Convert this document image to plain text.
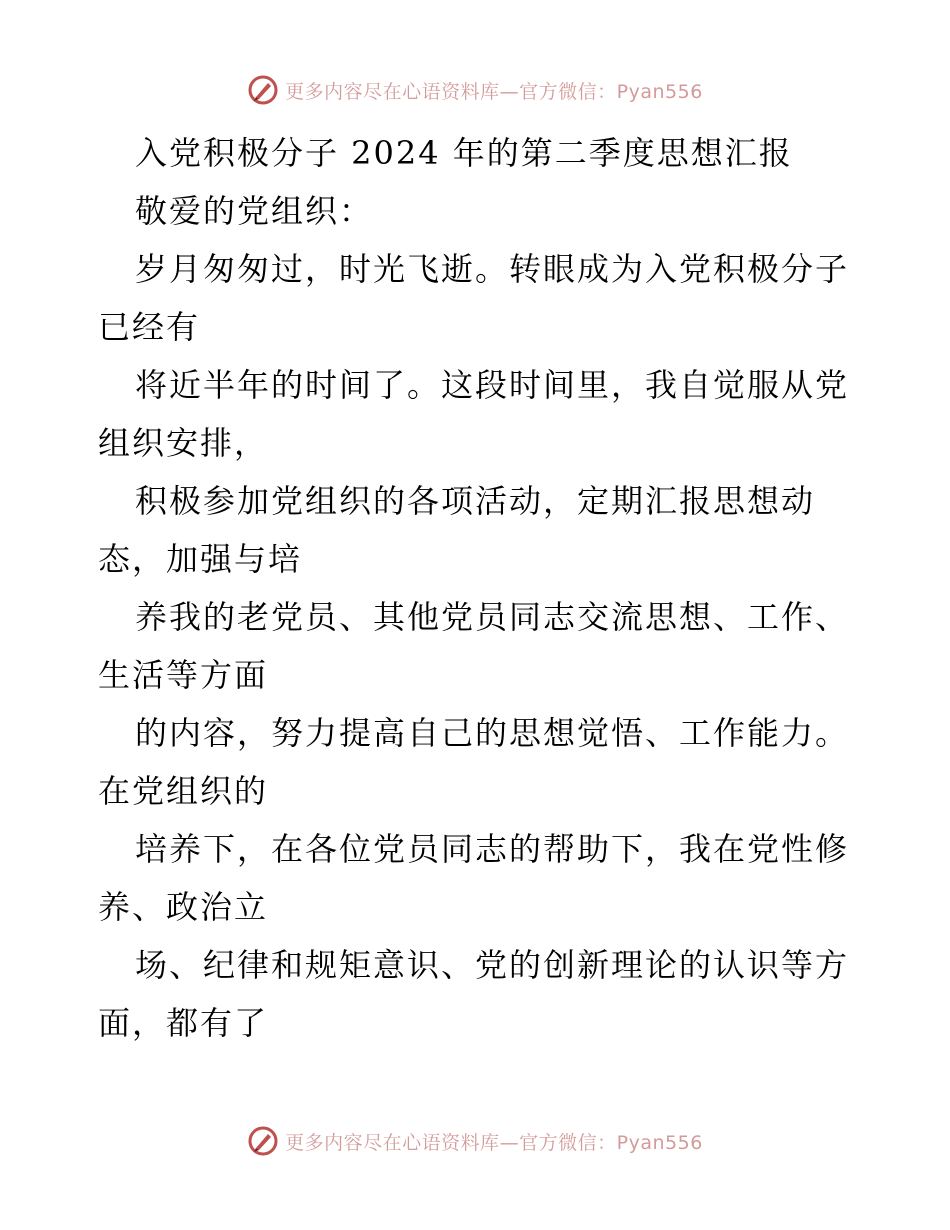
更多内容尽在心语资料库—官方微信：Pyan556
入党积极分子 2024 年的第二季度思想汇报
敬爱的党组织：
岁月匆匆过，时光飞逝。转眼成为入党积极分子
已经有
将近半年的时间了。这段时间里，我自觉服从党
组织安排，
积极参加党组织的各项活动，定期汇报思想动
态，加强与培
养我的老党员、其他党员同志交流思想、工作、
生活等方面
的内容，努力提高自己的思想觉悟、工作能力。
在党组织的
培养下，在各位党员同志的帮助下，我在党性修
养、政治立
场、纪律和规矩意识、党的创新理论的认识等方
面，都有了
更多内容尽在心语资料库—官方微信：Pyan556
